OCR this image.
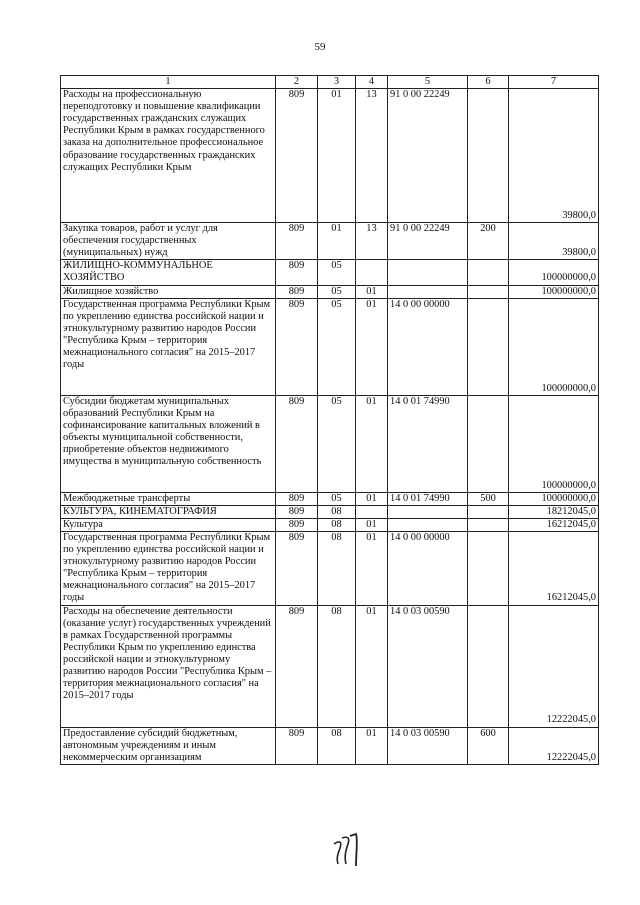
59
1	2	3	4	5	6	7
Расходы на профессиональную переподготовку и повышение квалификации государственных гражданских служащих Республики Крым в рамках государственного заказа на дополнительное профессиональное образование государственных гражданских служащих Республики Крым	809	01	13	91 0 00 22249		39800,0
Закупка товаров, работ и услуг для обеспечения государственных (муниципальных) нужд	809	01	13	91 0 00 22249	200	39800,0
ЖИЛИЩНО-КОММУНАЛЬНОЕ ХОЗЯЙСТВО	809	05				100000000,0
Жилищное хозяйство	809	05	01			100000000,0
Государственная программа Республики Крым по укреплению единства российской нации и этнокультурному развитию народов России "Республика Крым – территория межнационального согласия" на 2015–2017 годы	809	05	01	14 0 00 00000		100000000,0
Субсидии бюджетам муниципальных образований Республики Крым на софинансирование капитальных вложений в объекты муниципальной собственности, приобретение объектов недвижимого имущества в муниципальную собственность	809	05	01	14 0 01 74990		100000000,0
Межбюджетные трансферты	809	05	01	14 0 01 74990	500	100000000,0
КУЛЬТУРА, КИНЕМАТОГРАФИЯ	809	08				18212045,0
Культура	809	08	01			16212045,0
Государственная программа Республики Крым по укреплению единства российской нации и этнокультурному развитию народов России "Республика Крым – территория межнационального согласия" на 2015–2017 годы	809	08	01	14 0 00 00000		16212045,0
Расходы на обеспечение деятельности (оказание услуг) государственных учреждений в рамках Государственной программы Республики Крым по укреплению единства российской нации и этнокультурному развитию народов России "Республика Крым – территория межнационального согласия" на 2015–2017 годы	809	08	01	14 0 03 00590		12222045,0
Предоставление субсидий бюджетным, автономным учреждениям и иным некоммерческим организациям	809	08	01	14 0 03 00590	600	12222045,0
